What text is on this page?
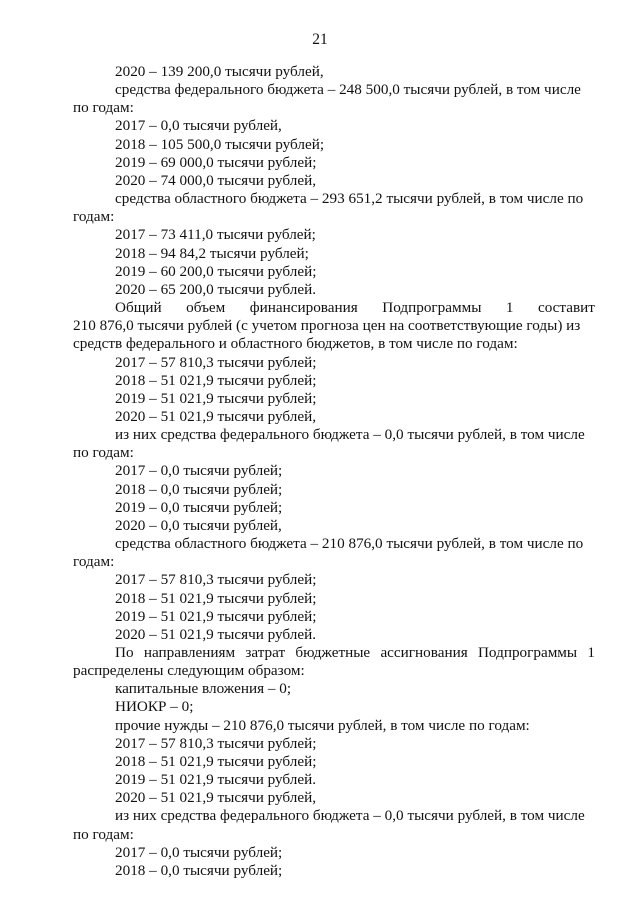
21
2020 – 139 200,0 тысячи рублей,
средства федерального бюджета – 248 500,0 тысячи рублей, в том числе
по годам:
2017 – 0,0 тысячи рублей,
2018 – 105 500,0 тысячи рублей;
2019 – 69 000,0 тысячи рублей;
2020 – 74 000,0 тысячи рублей,
средства областного бюджета – 293 651,2 тысячи рублей, в том числе по
годам:
2017 – 73 411,0 тысячи рублей;
2018 – 94 84,2 тысячи рублей;
2019 – 60 200,0 тысячи рублей;
2020 – 65 200,0 тысячи рублей.
Общий объем финансирования Подпрограммы 1 составит
210 876,0 тысячи рублей (с учетом прогноза цен на соответствующие годы) из
средств федерального и областного бюджетов, в том числе по годам:
2017 – 57 810,3 тысячи рублей;
2018 – 51 021,9 тысячи рублей;
2019 – 51 021,9 тысячи рублей;
2020 – 51 021,9 тысячи рублей,
из них средства федерального бюджета – 0,0 тысячи рублей, в том числе
по годам:
2017 – 0,0 тысячи рублей;
2018 – 0,0 тысячи рублей;
2019 – 0,0 тысячи рублей;
2020 – 0,0 тысячи рублей,
средства областного бюджета – 210 876,0 тысячи рублей, в том числе по
годам:
2017 – 57 810,3 тысячи рублей;
2018 – 51 021,9 тысячи рублей;
2019 – 51 021,9 тысячи рублей;
2020 – 51 021,9 тысячи рублей.
По направлениям затрат бюджетные ассигнования Подпрограммы 1
распределены следующим образом:
капитальные вложения – 0;
НИОКР – 0;
прочие нужды – 210 876,0 тысячи рублей, в том числе по годам:
2017 – 57 810,3 тысячи рублей;
2018 – 51 021,9 тысячи рублей;
2019 – 51 021,9 тысячи рублей.
2020 – 51 021,9 тысячи рублей,
из них средства федерального бюджета – 0,0 тысячи рублей, в том числе
по годам:
2017 – 0,0 тысячи рублей;
2018 – 0,0 тысячи рублей;
